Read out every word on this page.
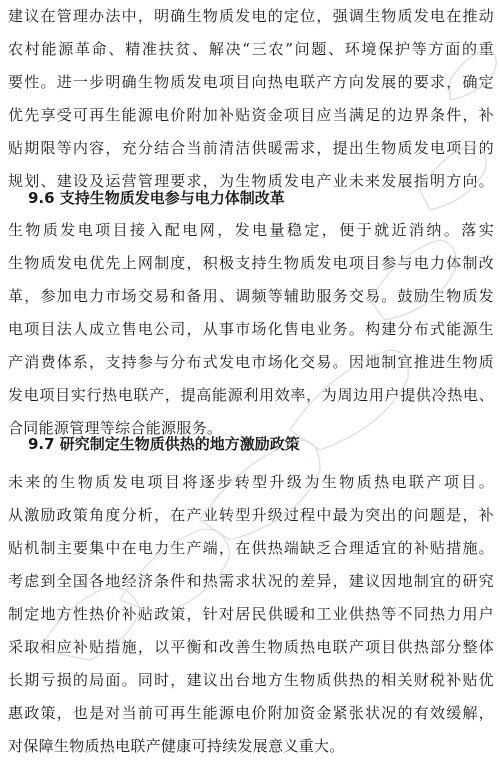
建议在管理办法中，明确生物质发电的定位，强调生物质发电在推动
农村能源革命、精准扶贫、解决“三农”问题、环境保护等方面的重
要性。进一步明确生物质发电项目向热电联产方向发展的要求，确定
优先享受可再生能源电价附加补贴资金项目应当满足的边界条件，补
贴期限等内容，充分结合当前清洁供暖需求，提出生物质发电项目的
规划、建设及运营管理要求，为生物质发电产业未来发展指明方向。
9.6 支持生物质发电参与电力体制改革
生物质发电项目接入配电网，发电量稳定，便于就近消纳。落实
生物质发电优先上网制度，积极支持生物质发电项目参与电力体制改
革，参加电力市场交易和备用、调频等辅助服务交易。鼓励生物质发
电项目法人成立售电公司，从事市场化售电业务。构建分布式能源生
产消费体系，支持参与分布式发电市场化交易。因地制宜推进生物质
发电项目实行热电联产，提高能源利用效率，为周边用户提供冷热电、
合同能源管理等综合能源服务。
9.7 研究制定生物质供热的地方激励政策
未来的生物质发电项目将逐步转型升级为生物质热电联产项目。
从激励政策角度分析，在产业转型升级过程中最为突出的问题是，补
贴机制主要集中在电力生产端，在供热端缺乏合理适宜的补贴措施。
考虑到全国各地经济条件和热需求状况的差异，建议因地制宜的研究
制定地方性热价补贴政策，针对居民供暖和工业供热等不同热力用户
采取相应补贴措施，以平衡和改善生物质热电联产项目供热部分整体
长期亏损的局面。同时，建议出台地方生物质供热的相关财税补贴优
惠政策，也是对当前可再生能源电价附加资金紧张状况的有效缓解，
对保障生物质热电联产健康可持续发展意义重大。
